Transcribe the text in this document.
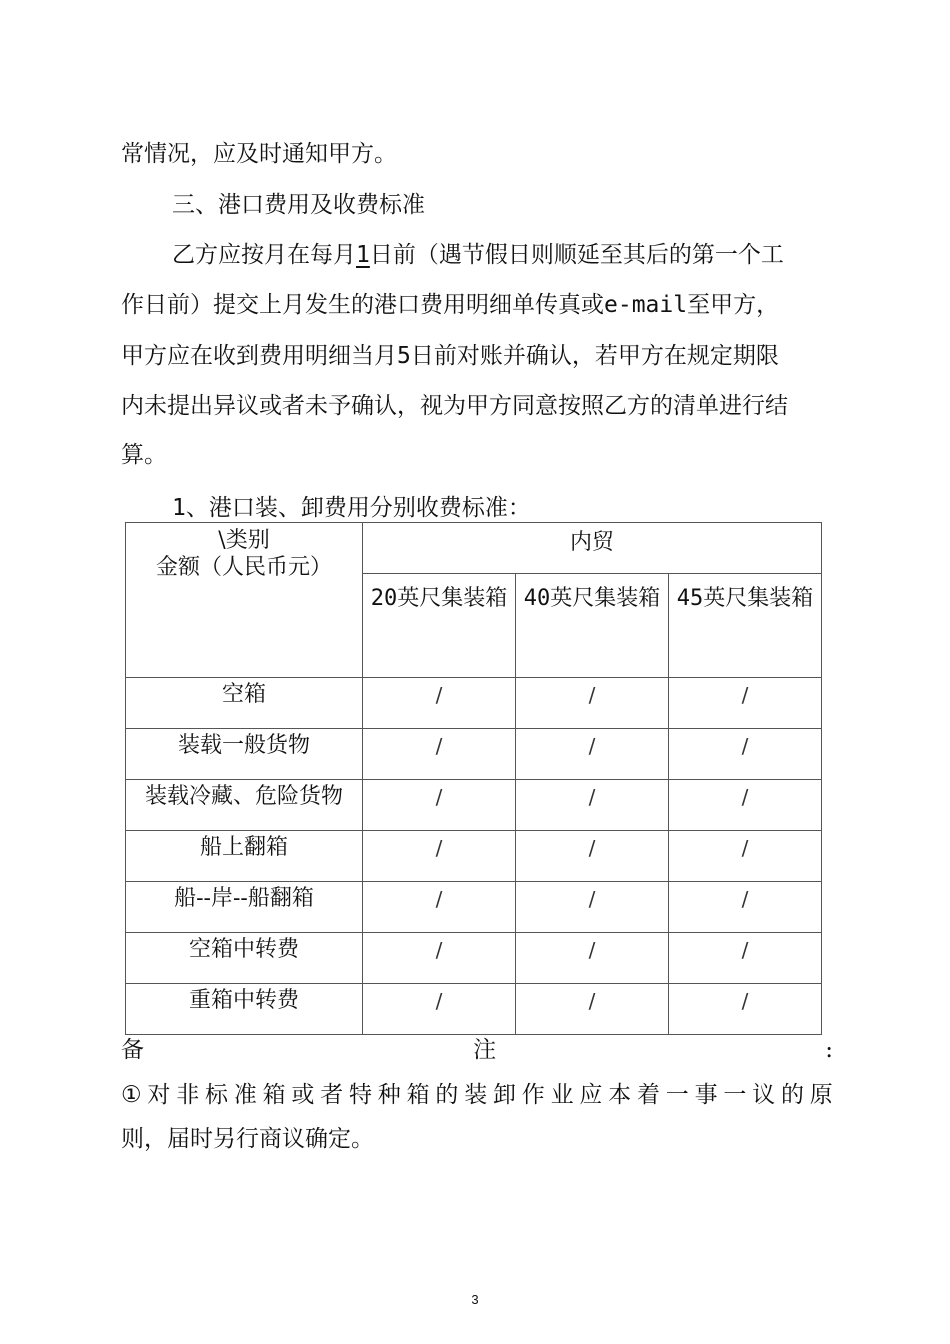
常情况，应及时通知甲方。
三、港口费用及收费标准
乙方应按月在每月1日前（遇节假日则顺延至其后的第一个工
作日前）提交上月发生的港口费用明细单传真或e-mail至甲方，
甲方应在收到费用明细当月5日前对账并确认，若甲方在规定期限
内未提出异议或者未予确认，视为甲方同意按照乙方的清单进行结
算。
1、港口装、卸费用分别收费标准：
\类别
金额（人民币元）	内贸		
	20英尺集装箱	40英尺集装箱	45英尺集装箱
空箱	/	/	/
装载一般货物	/	/	/
装载冷藏、危险货物	/	/	/
船上翻箱	/	/	/
船--岸--船翻箱	/	/	/
空箱中转费	/	/	/
重箱中转费	/	/	/
备	注	:
① 对 非 标 准 箱 或 者 特 种 箱 的 装 卸 作 业 应 本 着 一 事 一 议 的 原
则，届时另行商议确定。
3
